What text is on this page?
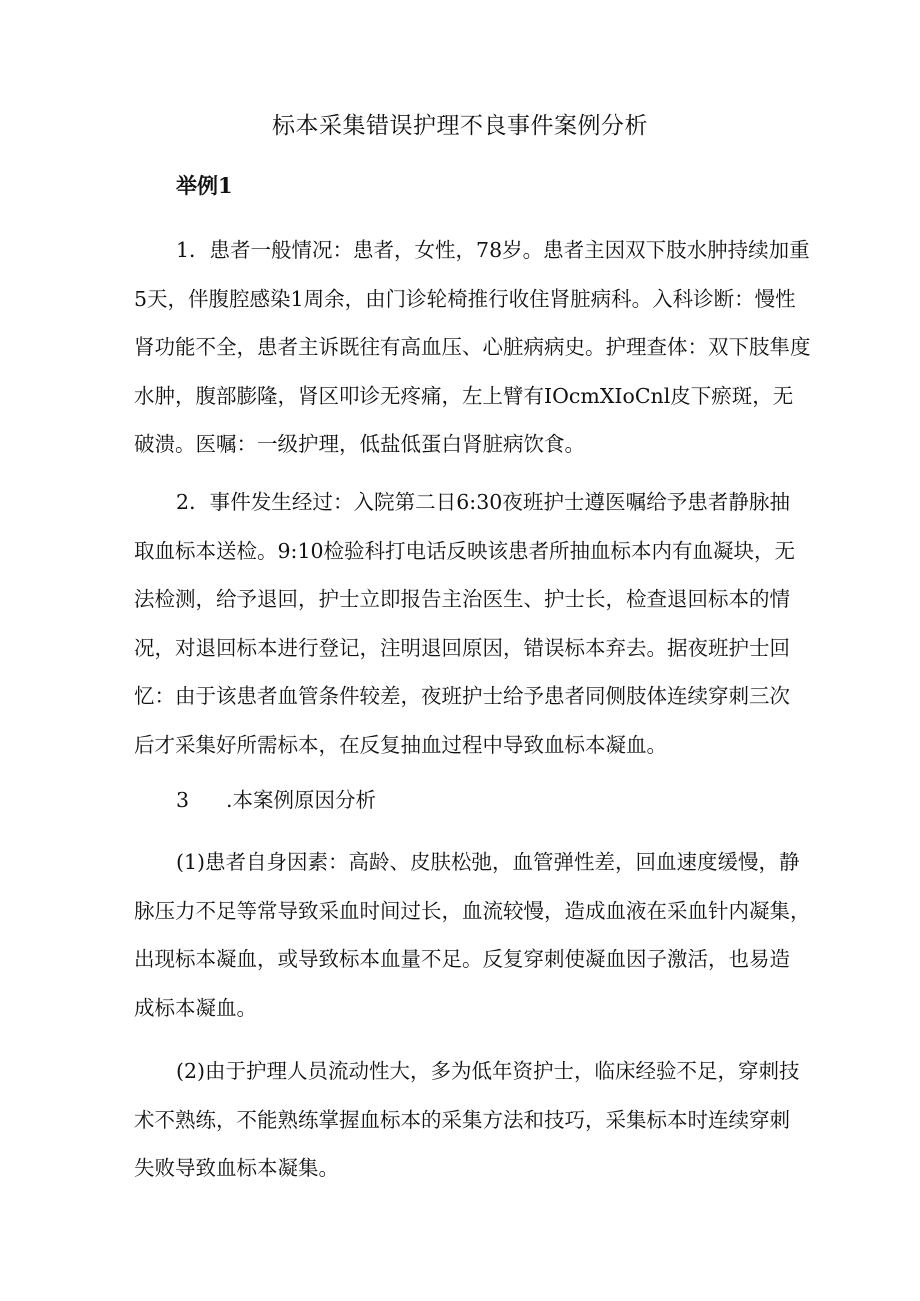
标本采集错误护理不良事件案例分析
举例1
1．患者一般情况：患者，女性，78岁。患者主因双下肢水肿持续加重
5天，伴腹腔感染1周余，由门诊轮椅推行收住肾脏病科。入科诊断：慢性
肾功能不全，患者主诉既往有高血压、心脏病病史。护理查体：双下肢隼度
水肿，腹部膨隆，肾区叩诊无疼痛，左上臂有IOcmXIoCnl皮下瘀斑，无
破溃。医嘱：一级护理，低盐低蛋白肾脏病饮食。
2．事件发生经过：入院第二日6:30夜班护士遵医嘱给予患者静脉抽
取血标本送检。9:10检验科打电话反映该患者所抽血标本内有血凝块，无
法检测，给予退回，护士立即报告主治医生、护士长，检查退回标本的情
况，对退回标本进行登记，注明退回原因，错误标本弃去。据夜班护士回
忆：由于该患者血管条件较差，夜班护士给予患者同侧肢体连续穿刺三次
后才采集好所需标本，在反复抽血过程中导致血标本凝血。
3 .本案例原因分析
(1)患者自身因素：高龄、皮肤松弛，血管弹性差，回血速度缓慢，静
脉压力不足等常导致采血时间过长，血流较慢，造成血液在采血针内凝集，
出现标本凝血，或导致标本血量不足。反复穿刺使凝血因子激活，也易造
成标本凝血。
(2)由于护理人员流动性大，多为低年资护士，临床经验不足，穿刺技
术不熟练，不能熟练掌握血标本的采集方法和技巧，采集标本时连续穿刺
失败导致血标本凝集。
